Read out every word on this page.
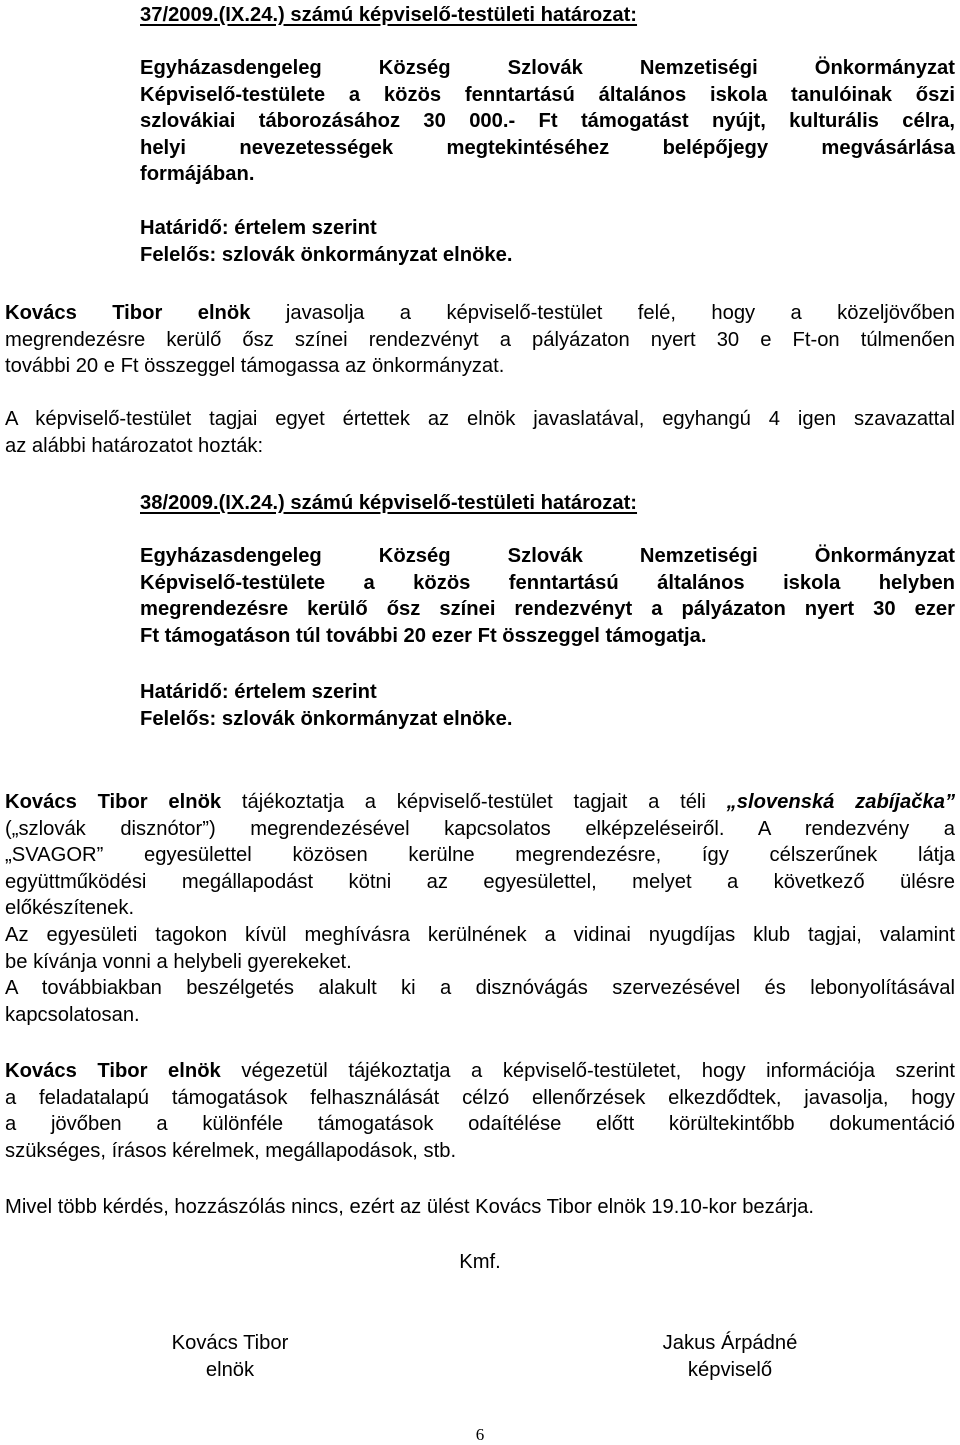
37/2009.(IX.24.) számú képviselő-testületi határozat:
Egyházasdengeleg Község Szlovák Nemzetiségi Önkormányzat
Képviselő-testülete a közös fenntartású általános iskola tanulóinak őszi
szlovákiai táborozásához 30 000.- Ft támogatást nyújt, kulturális célra,
helyi nevezetességek megtekintéséhez belépőjegy megvásárlása
formájában.
Határidő: értelem szerint
Felelős: szlovák önkormányzat elnöke.
Kovács Tibor elnök javasolja a képviselő-testület felé, hogy a közeljövőben
megrendezésre kerülő ősz színei rendezvényt a pályázaton nyert 30 e Ft-on túlmenően
további 20 e Ft összeggel támogassa az önkormányzat.
A képviselő-testület tagjai egyet értettek az elnök javaslatával, egyhangú 4 igen szavazattal
az alábbi határozatot hozták:
38/2009.(IX.24.) számú képviselő-testületi határozat:
Egyházasdengeleg Község Szlovák Nemzetiségi Önkormányzat
Képviselő-testülete a közös fenntartású általános iskola helyben
megrendezésre kerülő ősz színei rendezvényt a pályázaton nyert 30 ezer
Ft támogatáson túl további 20 ezer Ft összeggel támogatja.
Határidő: értelem szerint
Felelős: szlovák önkormányzat elnöke.
Kovács Tibor elnök tájékoztatja a képviselő-testület tagjait a téli „slovenská zabíjačka”
(„szlovák disznótor”) megrendezésével kapcsolatos elképzeléseiről. A rendezvény a
„SVAGOR” egyesülettel közösen kerülne megrendezésre, így célszerűnek látja
együttműködési megállapodást kötni az egyesülettel, melyet a következő ülésre
előkészítenek.
Az egyesületi tagokon kívül meghívásra kerülnének a vidinai nyugdíjas klub tagjai, valamint
be kívánja vonni a helybeli gyerekeket.
A továbbiakban beszélgetés alakult ki a disznóvágás szervezésével és lebonyolításával
kapcsolatosan.
Kovács Tibor elnök végezetül tájékoztatja a képviselő-testületet, hogy információja szerint
a feladatalapú támogatások felhasználását célzó ellenőrzések elkezdődtek, javasolja, hogy
a jövőben a különféle támogatások odaítélése előtt körültekintőbb dokumentáció
szükséges, írásos kérelmek, megállapodások, stb.
Mivel több kérdés, hozzászólás nincs, ezért az ülést Kovács Tibor elnök 19.10-kor bezárja.
Kmf.
Kovács Tibor
elnök
Jakus Árpádné
képviselő
6
